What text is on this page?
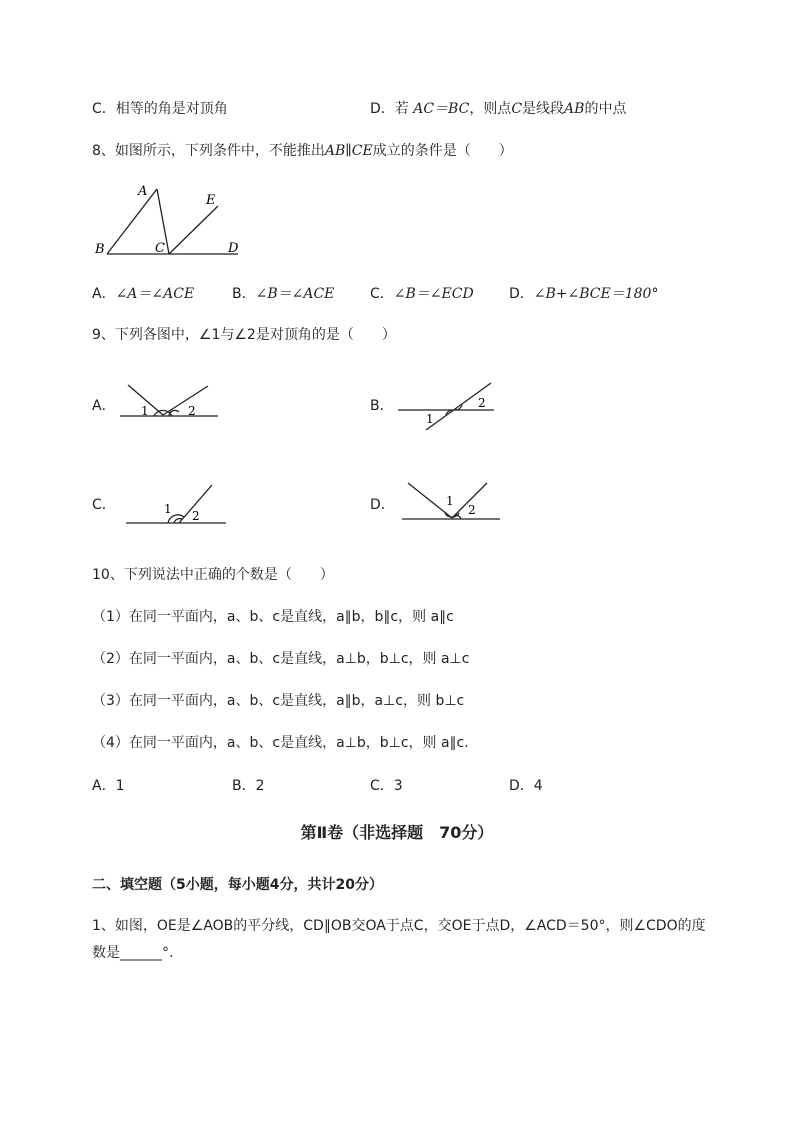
C．相等的角是对顶角	D．若 AC＝BC，则点C是线段AB的中点
8、如图所示，下列条件中，不能推出AB∥CE成立的条件是（　　）
A
B	C	D
E
A．∠A＝∠ACE	B．∠B＝∠ACE	C．∠B＝∠ECD	D．∠B+∠BCE＝180°
9、下列各图中，∠1与∠2是对顶角的是（　　）
A． 1	2	B．	2
1
C．	1 2
D．	1
2
10、下列说法中正确的个数是（　　）
（1）在同一平面内，a、b、c是直线，a∥b，b∥c，则 a∥c
（2）在同一平面内，a、b、c是直线，a⊥b，b⊥c，则 a⊥c
（3）在同一平面内，a、b、c是直线，a∥b，a⊥c，则 b⊥c
（4）在同一平面内，a、b、c是直线，a⊥b，b⊥c，则 a∥c.
A．1	B．2	C．3	D．4
第Ⅱ卷（非选择题　70分）
二、填空题（5小题，每小题4分，共计20分）
1、如图，OE是∠AOB的平分线，CD∥OB交OA于点C，交OE于点D，∠ACD＝50°，则∠CDO的度
数是______°.
